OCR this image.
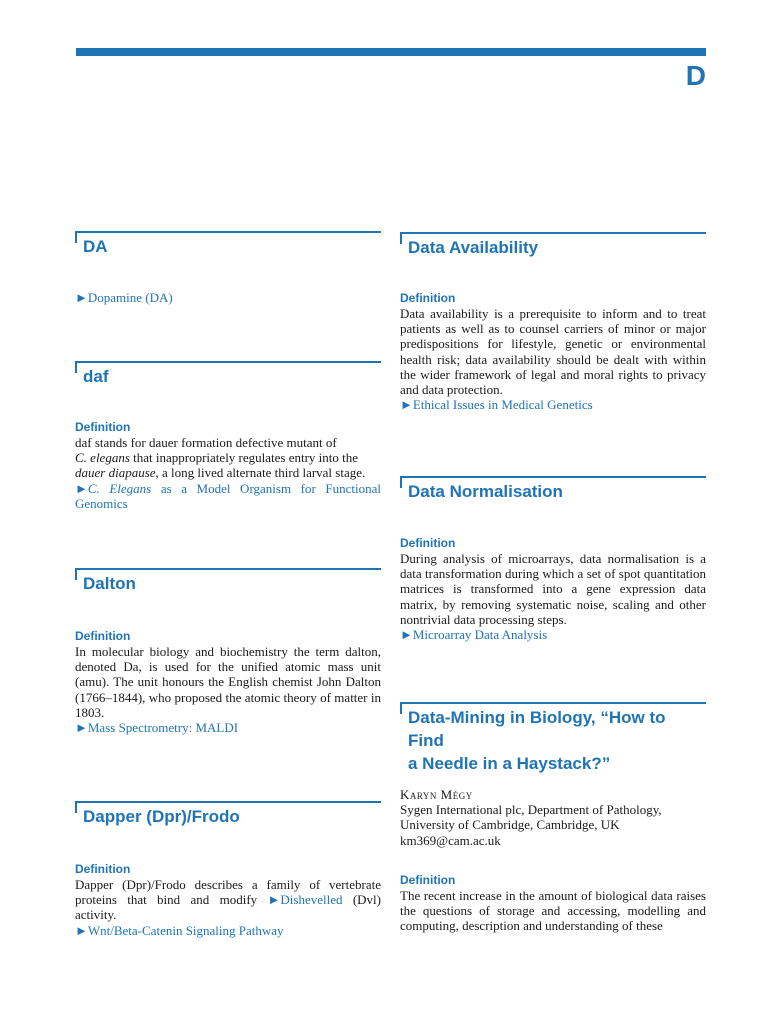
D
DA
►Dopamine (DA)
daf
Definition
daf stands for dauer formation defective mutant of
C. elegans that inappropriately regulates entry into the
dauer diapause, a long lived alternate third larval stage.
►C. Elegans as a Model Organism for Functional Genomics
Dalton
Definition
In molecular biology and biochemistry the term dalton, denoted Da, is used for the unified atomic mass unit (amu). The unit honours the English chemist John Dalton (1766–1844), who proposed the atomic theory of matter in 1803.
►Mass Spectrometry: MALDI
Dapper (Dpr)/Frodo
Definition
Dapper (Dpr)/Frodo describes a family of vertebrate proteins that bind and modify ►Dishevelled (Dvl) activity.
►Wnt/Beta-Catenin Signaling Pathway
Data Availability
Definition
Data availability is a prerequisite to inform and to treat patients as well as to counsel carriers of minor or major predispositions for lifestyle, genetic or environmental health risk; data availability should be dealt with within the wider framework of legal and moral rights to privacy and data protection.
►Ethical Issues in Medical Genetics
Data Normalisation
Definition
During analysis of microarrays, data normalisation is a data transformation during which a set of spot quantitation matrices is transformed into a gene expression data matrix, by removing systematic noise, scaling and other nontrivial data processing steps.
►Microarray Data Analysis
Data-Mining in Biology, “How to Find
a Needle in a Haystack?”
Karyn Mégy
Sygen International plc, Department of Pathology,
University of Cambridge, Cambridge, UK
km369@cam.ac.uk
Definition
The recent increase in the amount of biological data raises the questions of storage and accessing, modelling and computing, description and understanding of these
